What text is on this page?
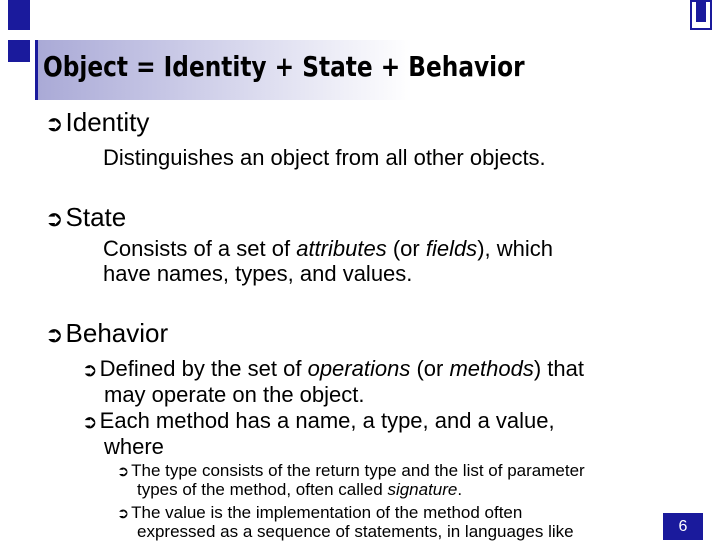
Object = Identity + State + Behavior
➲Identity
Distinguishes an object from all other objects.
➲State
Consists of a set of attributes (or fields), which
have names, types, and values.
➲Behavior
➲Defined by the set of operations (or methods) that
may operate on the object.
➲Each method has a name, a type, and a value,
where
➲ The type consists of the return type and the list of parameter
types of the method, often called signature.
➲ The value is the implementation of the method often
expressed as a sequence of statements, in languages like	6
